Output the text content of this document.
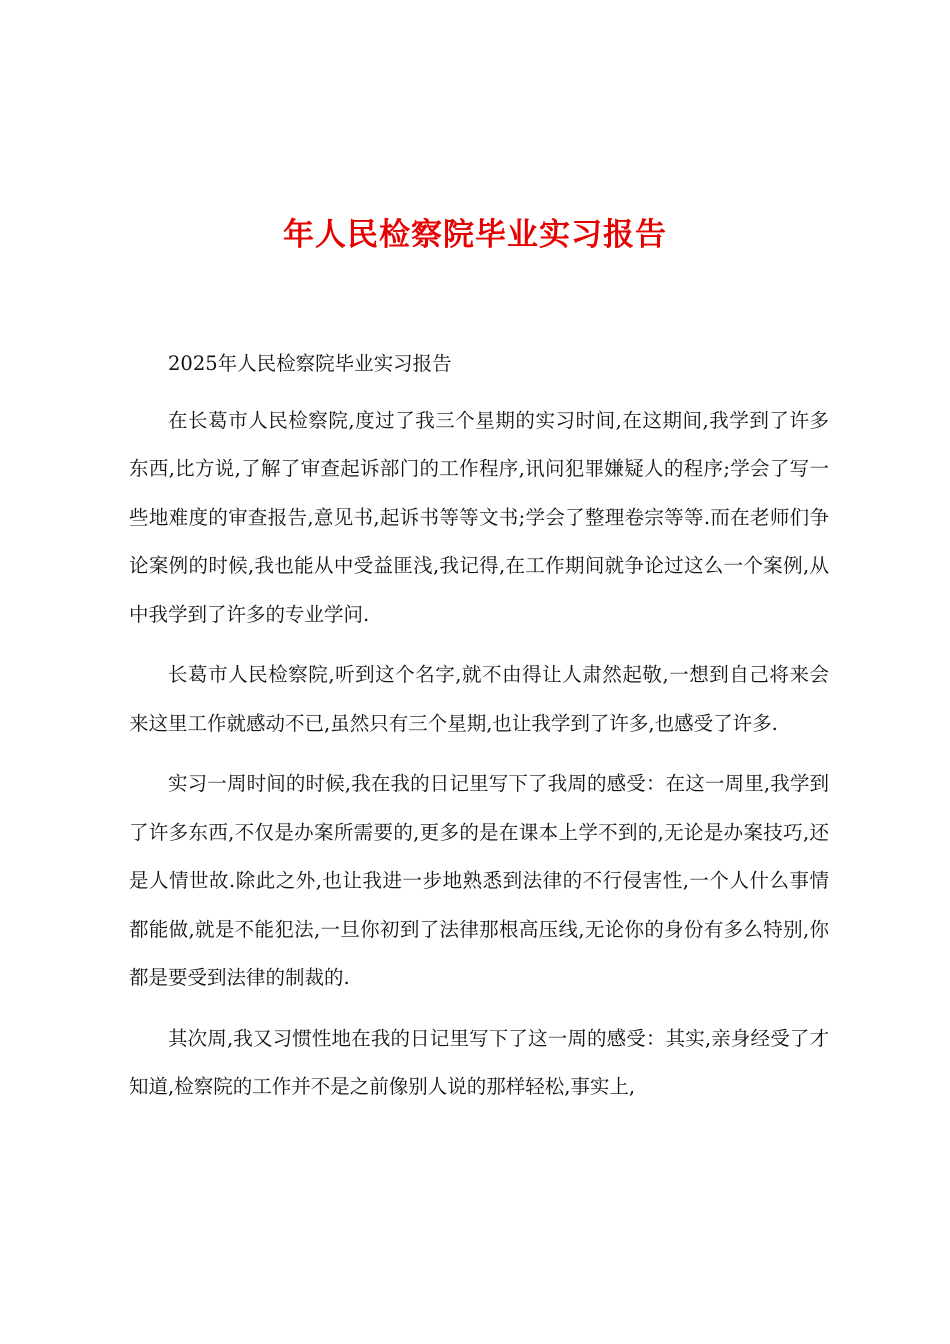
年人民检察院毕业实习报告

2025年人民检察院毕业实习报告

在长葛市人民检察院,度过了我三个星期的实习时间,在这期间,我学到了许多东西,比方说,了解了审查起诉部门的工作程序,讯问犯罪嫌疑人的程序;学会了写一些地难度的审查报告,意见书,起诉书等等文书;学会了整理卷宗等等.而在老师们争论案例的时候,我也能从中受益匪浅,我记得,在工作期间就争论过这么一个案例,从中我学到了许多的专业学问.

长葛市人民检察院,听到这个名字,就不由得让人肃然起敬,一想到自己将来会来这里工作就感动不已,虽然只有三个星期,也让我学到了许多,也感受了许多.

实习一周时间的时候,我在我的日记里写下了我周的感受：在这一周里,我学到了许多东西,不仅是办案所需要的,更多的是在课本上学不到的,无论是办案技巧,还是人情世故.除此之外,也让我进一步地熟悉到法律的不行侵害性,一个人什么事情都能做,就是不能犯法,一旦你初到了法律那根高压线,无论你的身份有多么特别,你都是要受到法律的制裁的.

其次周,我又习惯性地在我的日记里写下了这一周的感受：其实,亲身经受了才知道,检察院的工作并不是之前像别人说的那样轻松,事实上,
